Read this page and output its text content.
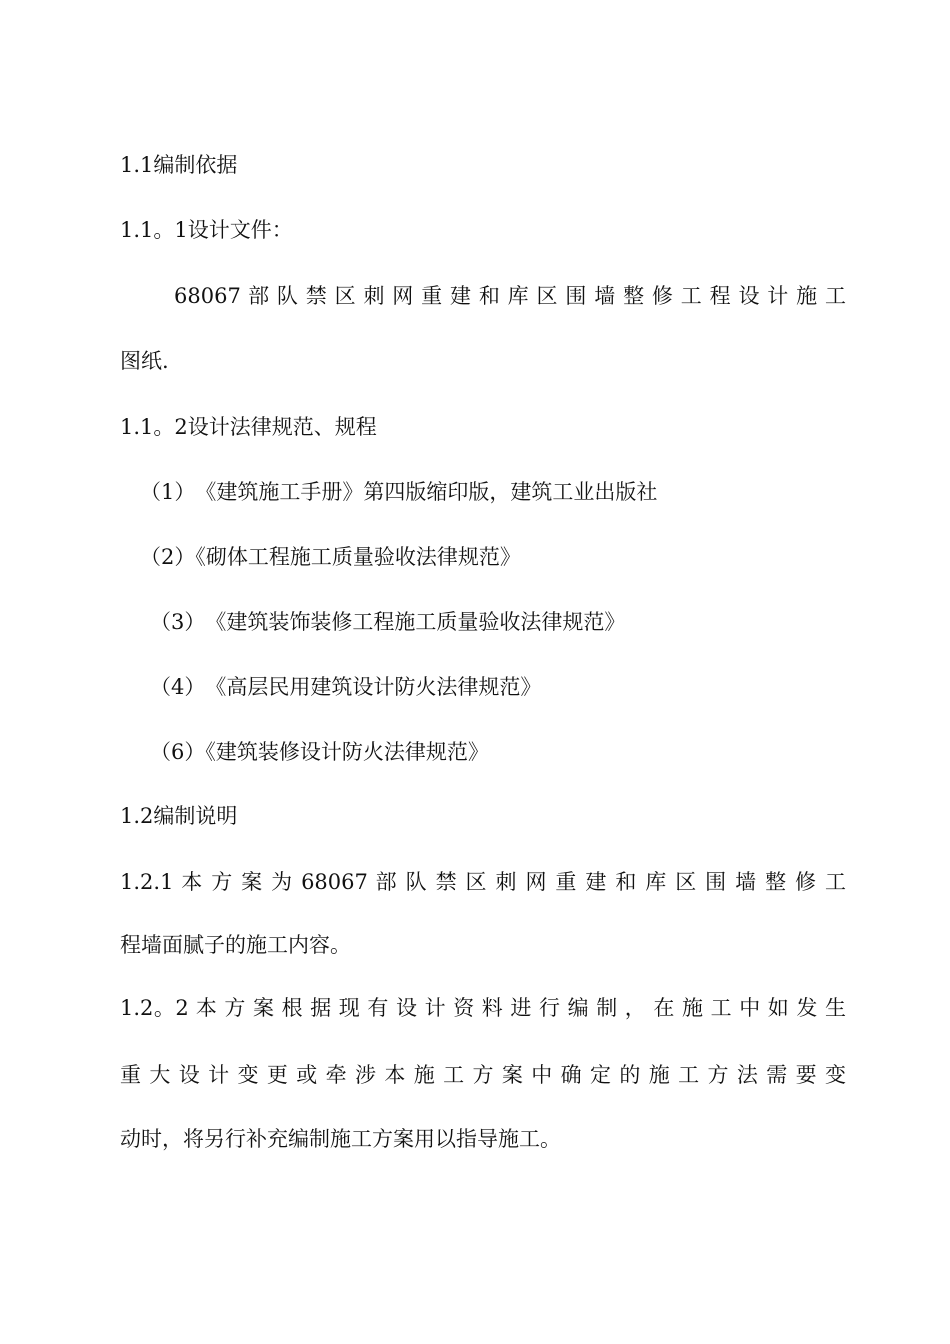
1.1编制依据
1.1。1设计文件：
68067 部 队 禁 区 刺 网 重 建 和 库 区 围 墙 整 修 工 程 设 计 施 工
图纸.
1.1。2设计法律规范、规程
（1）　《建筑施工手册》第四版缩印版，建筑工业出版社
（2）《砌体工程施工质量验收法律规范》
（3）　《建筑装饰装修工程施工质量验收法律规范》
（4）　《高层民用建筑设计防火法律规范》
（6）《建筑装修设计防火法律规范》
1.2编制说明
1.2.1 本 方 案 为 68067 部 队 禁 区 刺 网 重 建 和 库 区 围 墙 整 修 工
程墙面腻子的施工内容。
1.2。2 本 方 案 根 据 现 有 设 计 资 料 进 行 编 制 ， 在 施 工 中 如 发 生
重 大 设 计 变 更 或 牵 涉 本 施 工 方 案 中 确 定 的 施 工 方 法 需 要 变
动时，将另行补充编制施工方案用以指导施工。
